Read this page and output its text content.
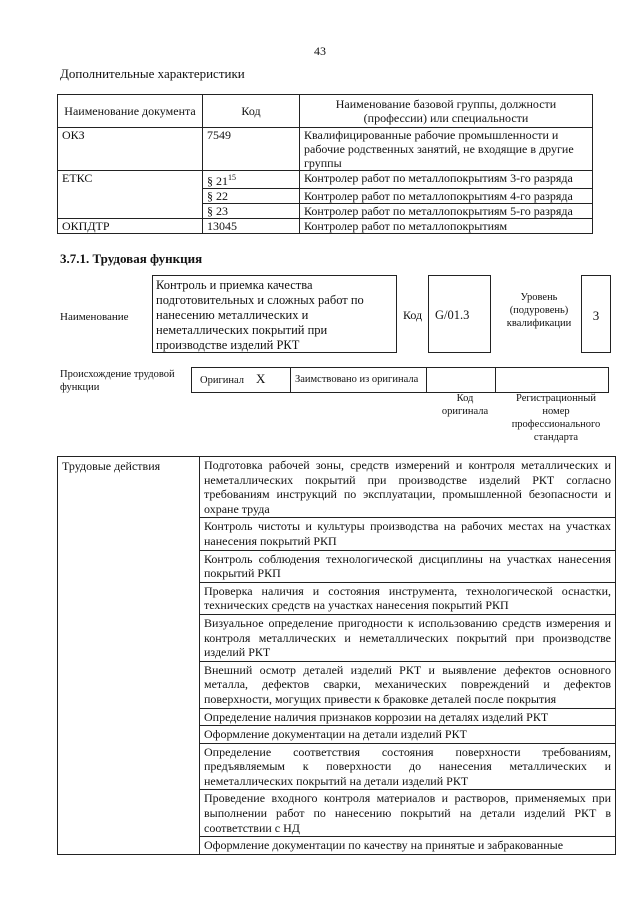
43
Дополнительные характеристики
Наименование документа	Код	Наименование базовой группы, должности (профессии) или специальности
ОКЗ	7549	Квалифицированные рабочие промышленности и рабочие родственных занятий, не входящие в другие группы
ЕТКС	§ $21^{15}$	Контролер работ по металлопокрытиям 3-го разряда
	§ 22	Контролер работ по металлопокрытиям 4-го разряда
	§ 23	Контролер работ по металлопокрытиям 5-го разряда
ОКПДТР	13045	Контролер работ по металлопокрытиям
3.7.1. Трудовая функция
Наименование
Контроль и приемка качества подготовительных и сложных работ по нанесению металлических и неметаллических покрытий при производстве изделий РКТ
Код	G/01.3
Уровень (подуровень) квалификации
3
Происхождение трудовой функции
Оригинал X	Заимствовано из оригинала		
Код оригинала
Регистрационный номер профессионального стандарта
Трудовые действия	Подготовка рабочей зоны, средств измерений и контроля металлических и неметаллических покрытий при производстве изделий РКТ согласно требованиям инструкций по эксплуатации, промышленной безопасности и охране труда
Контроль чистоты и культуры производства на рабочих местах на участках нанесения покрытий РКП
Контроль соблюдения технологической дисциплины на участках нанесения покрытий РКП
Проверка наличия и состояния инструмента, технологической оснастки, технических средств на участках нанесения покрытий РКП
Визуальное определение пригодности к использованию средств измерения и контроля металлических и неметаллических покрытий при производстве изделий РКТ
Внешний осмотр деталей изделий РКТ и выявление дефектов основного металла, дефектов сварки, механических повреждений и дефектов поверхности, могущих привести к браковке деталей после покрытия
Определение наличия признаков коррозии на деталях изделий РКТ
Оформление документации на детали изделий РКТ
Определение соответствия состояния поверхности требованиям, предъявляемым к поверхности до нанесения металлических и неметаллических покрытий на детали изделий РКТ
Проведение входного контроля материалов и растворов, применяемых при выполнении работ по нанесению покрытий на детали изделий РКТ в соответствии с НД
Оформление документации по качеству на принятые и забракованные
